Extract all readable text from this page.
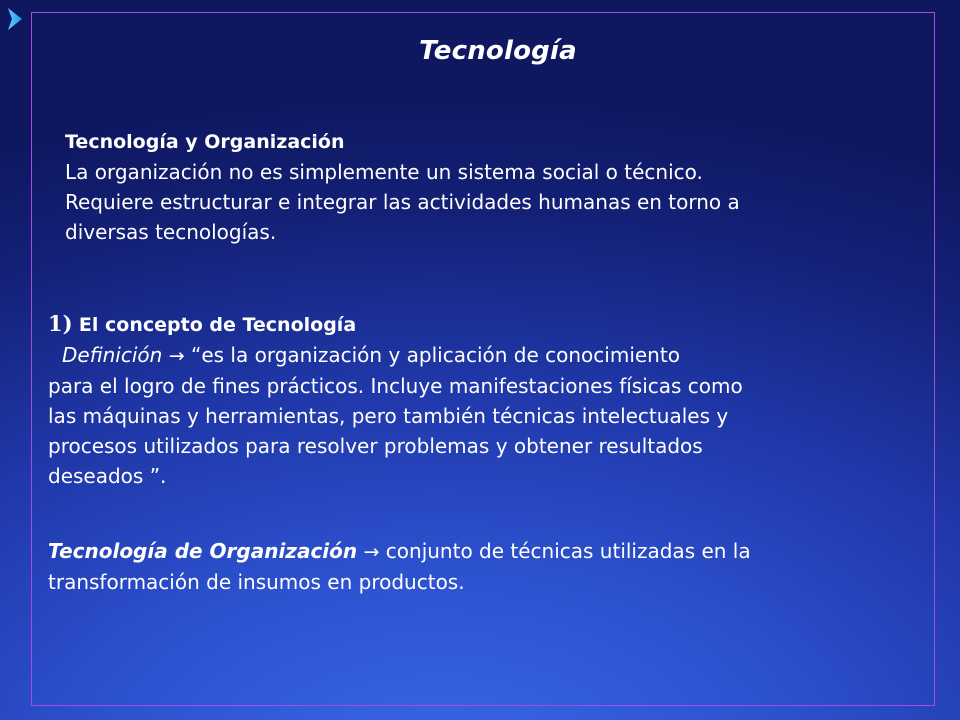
Tecnología
Tecnología y Organización
La organización no es simplemente un sistema social o técnico.
Requiere estructurar e integrar las actividades humanas en torno a
diversas tecnologías.
1) El concepto de Tecnología
Definición → “es la organización y aplicación de conocimiento
para el logro de fines prácticos. Incluye manifestaciones físicas como
las máquinas y herramientas, pero también técnicas intelectuales y
procesos utilizados para resolver problemas y obtener resultados
deseados ”.
Tecnología de Organización → conjunto de técnicas utilizadas en la
transformación de insumos en productos.
